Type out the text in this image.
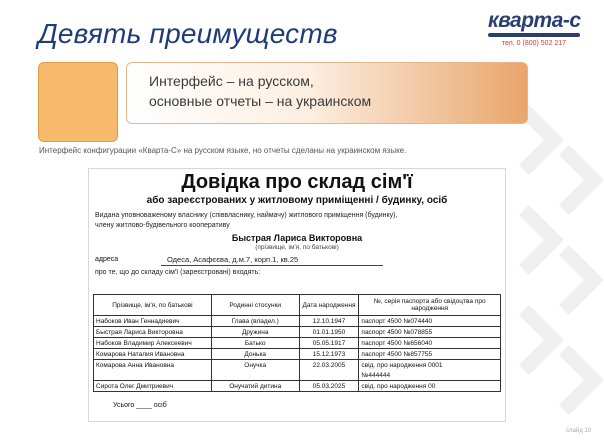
Девять преимуществ	кварта-с
тел. 0 (800) 502 217
Интерфейс – на русском,
основные отчеты – на украинском
Интерфейс конфигурации «Кварта-С» на русском языке, но отчеты сделаны на украинском языке.
Довідка про склад сім'ї
або зареєстрованих у житловому приміщенні / будинку, осіб
Видана уповноваженому власнику (співвласнику, наймачу) житлового приміщення (будинку),
члену житлово-будівельного кооперативу
Быстрая Лариса Викторовна
(прізвище, ім'я, по батькові)
адреса	Одеса, Асафєєва, д.м.7, корп.1, кв.25
про те, що до складу сім'ї (зареєстровані) входять:
Прізвище, ім'я, по батькові	Родинні стосунки	Дата народження	№, серія паспорта або свідоцтва про народження
Набоков Иван Геннадиевич	Глава (владел.)	12.10.1947	паспорт 4500 №074440
Быстрая Лариса Викторовна	Дружина	01.01.1950	паспорт 4500 №078855
Набоков Владимир Алексеевич	Батько	05.05.1917	паспорт 4500 №656040
Комарова Наталия Ивановна	Донька	15.12.1973	паспорт 4500 №857755
Комарова Анна Ивановна	Онучка	22.03.2005	свід. про народження 0001
			№444444
Сирота Олег Дмитриевич	Онучатий дитина	05.03.2025	свід. про народження 00
Усього ____ осіб
слайд 10
